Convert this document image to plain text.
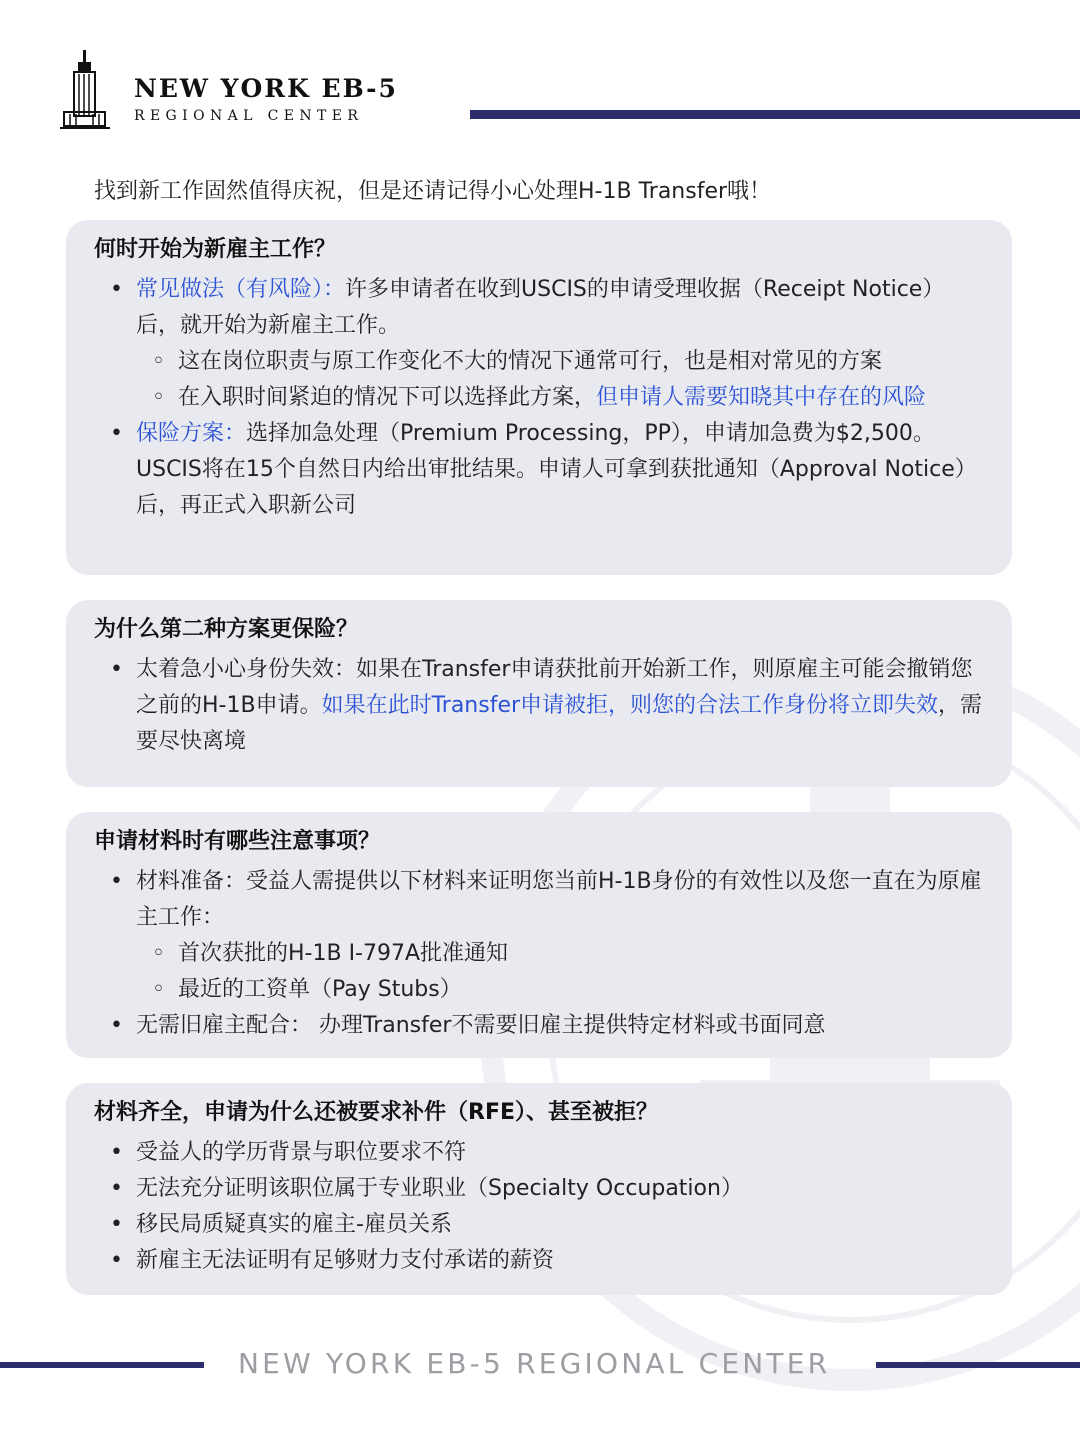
NEW YORK EB-5
REGIONAL CENTER
找到新工作固然值得庆祝，但是还请记得小心处理H-1B Transfer哦！
何时开始为新雇主工作？
• 常见做法（有风险）：许多申请者在收到USCIS的申请受理收据（Receipt Notice）后，就开始为新雇主工作。
◦ 这在岗位职责与原工作变化不大的情况下通常可行，也是相对常见的方案
◦ 在入职时间紧迫的情况下可以选择此方案，但申请人需要知晓其中存在的风险
• 保险方案：选择加急处理（Premium Processing，PP），申请加急费为$2,500。USCIS将在15个自然日内给出审批结果。申请人可拿到获批通知（Approval Notice）后，再正式入职新公司
为什么第二种方案更保险？
• 太着急小心身份失效：如果在Transfer申请获批前开始新工作，则原雇主可能会撤销您之前的H-1B申请。如果在此时Transfer申请被拒，则您的合法工作身份将立即失效，需要尽快离境
申请材料时有哪些注意事项？
• 材料准备：受益人需提供以下材料来证明您当前H-1B身份的有效性以及您一直在为原雇主工作：
◦ 首次获批的H-1B I-797A批准通知
◦ 最近的工资单（Pay Stubs）
• 无需旧雇主配合： 办理Transfer不需要旧雇主提供特定材料或书面同意
材料齐全，申请为什么还被要求补件（RFE）、甚至被拒？
• 受益人的学历背景与职位要求不符
• 无法充分证明该职位属于专业职业（Specialty Occupation）
• 移民局质疑真实的雇主-雇员关系
• 新雇主无法证明有足够财力支付承诺的薪资
NEW YORK EB-5 REGIONAL CENTER
